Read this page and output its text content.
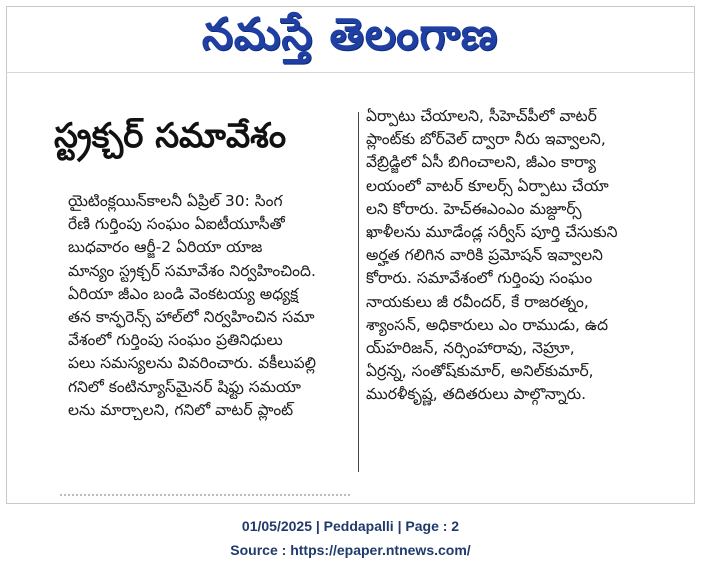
నమస్తే తెలంగాణ
స్ట్రక్చర్ సమావేశం
యైటింక్లయిన్‌కాలనీ ఏప్రిల్ 30: సింగ
రేణి గుర్తింపు సంఘం ఏఐటీయూసీతో
బుధవారం ఆర్జీ-2 ఏరియా యాజ
మాన్యం స్ట్రక్చర్ సమావేశం నిర్వహించింది.
ఏరియా జీఎం బండి వెంకటయ్య అధ్యక్ష
తన కాన్ఫరెన్స్ హాల్‌లో నిర్వహించిన సమా
వేశంలో గుర్తింపు సంఘం ప్రతినిధులు
పలు సమస్యలను వివరించారు. వకీలుపల్లి
గనిలో కంటిన్యూస్‌మైనర్ షిఫ్టు సమయా
లను మార్చాలని, గనిలో వాటర్ ప్లాంట్
ఏర్పాటు చేయాలని, సీహెచ్‌పీలో వాటర్
ప్లాంట్‌కు బోర్‌వెల్ ద్వారా నీరు ఇవ్వాలని,
వేబ్రిడ్జిలో ఏసీ బిగించాలని, జీఎం కార్యా
లయంలో వాటర్ కూలర్స్ ఏర్పాటు చేయా
లని కోరారు. హెచ్‌ఈఎంఎం మజ్దూర్స్
ఖాళీలను మూడేండ్ల సర్వీస్ పూర్తి చేసుకుని
అర్హత గలిగిన వారికి ప్రమోషన్ ఇవ్వాలని
కోరారు. సమావేశంలో గుర్తింపు సంఘం
నాయకులు జీ రవీందర్, కే రాజరత్నం,
శ్యాంసన్, అధికారులు ఎం రాముడు, ఉద
య్‌హరిజన్, నర్సింహారావు, నెహ్రూ,
ఏర్రన్న, సంతోష్‌కుమార్, అనిల్‌కుమార్,
మురళీకృష్ణ, తదితరులు పాల్గొన్నారు.
01/05/2025 | Peddapalli | Page : 2
Source : https://epaper.ntnews.com/
